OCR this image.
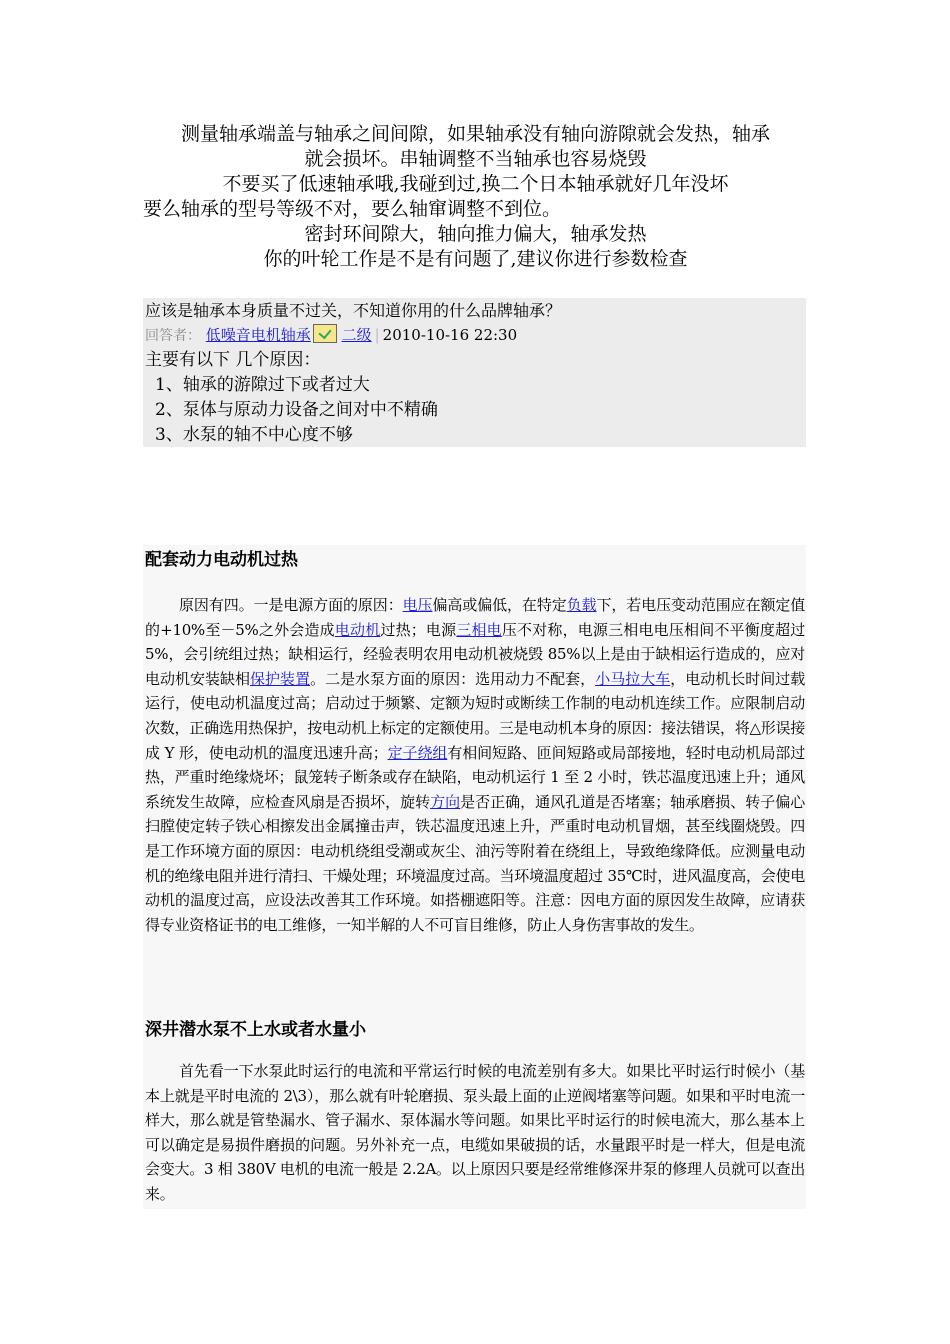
测量轴承端盖与轴承之间间隙，如果轴承没有轴向游隙就会发热，轴承
就会损坏。串轴调整不当轴承也容易烧毁
不要买了低速轴承哦,我碰到过,换二个日本轴承就好几年没坏
要么轴承的型号等级不对，要么轴窜调整不到位。
密封环间隙大，轴向推力偏大，轴承发热
你的叶轮工作是不是有问题了,建议你进行参数检查
应该是轴承本身质量不过关，不知道你用的什么品牌轴承？
回答者： 低噪音电机轴承 二级 | 2010-10-16 22:30
主要有以下 几个原因：
1、轴承的游隙过下或者过大
2、泵体与原动力设备之间对中不精确
3、水泵的轴不中心度不够
配套动力电动机过热
原因有四。一是电源方面的原因：电压偏高或偏低，在特定负载下，若电压变动范围应在额定值的+10%至－5%之外会造成电动机过热；电源三相电压不对称，电源三相电电压相间不平衡度超过 5%，会引统组过热；缺相运行，经验表明农用电动机被烧毁 85%以上是由于缺相运行造成的，应对电动机安装缺相保护装置。二是水泵方面的原因：选用动力不配套，小马拉大车，电动机长时间过载运行，使电动机温度过高；启动过于频繁、定额为短时或断续工作制的电动机连续工作。应限制启动次数，正确选用热保护，按电动机上标定的定额使用。三是电动机本身的原因：接法错误，将△形误接成 Y 形，使电动机的温度迅速升高；定子绕组有相间短路、匝间短路或局部接地，轻时电动机局部过热，严重时绝缘烧坏；鼠笼转子断条或存在缺陷，电动机运行 1 至 2 小时，铁芯温度迅速上升；通风系统发生故障，应检查风扇是否损坏，旋转方向是否正确，通风孔道是否堵塞；轴承磨损、转子偏心扫膛使定转子铁心相擦发出金属撞击声，铁芯温度迅速上升，严重时电动机冒烟，甚至线圈烧毁。四是工作环境方面的原因：电动机绕组受潮或灰尘、油污等附着在绕组上，导致绝缘降低。应测量电动机的绝缘电阻并进行清扫、干燥处理；环境温度过高。当环境温度超过 35℃时，进风温度高，会使电动机的温度过高，应设法改善其工作环境。如搭棚遮阳等。注意：因电方面的原因发生故障，应请获得专业资格证书的电工维修，一知半解的人不可盲目维修，防止人身伤害事故的发生。
深井潜水泵不上水或者水量小
首先看一下水泵此时运行的电流和平常运行时候的电流差别有多大。如果比平时运行时候小（基本上就是平时电流的 2\3），那么就有叶轮磨损、泵头最上面的止逆阀堵塞等问题。如果和平时电流一样大，那么就是管垫漏水、管子漏水、泵体漏水等问题。如果比平时运行的时候电流大，那么基本上可以确定是易损件磨损的问题。另外补充一点，电缆如果破损的话，水量跟平时是一样大，但是电流会变大。3 相 380V 电机的电流一般是 2.2A。以上原因只要是经常维修深井泵的修理人员就可以查出来。
